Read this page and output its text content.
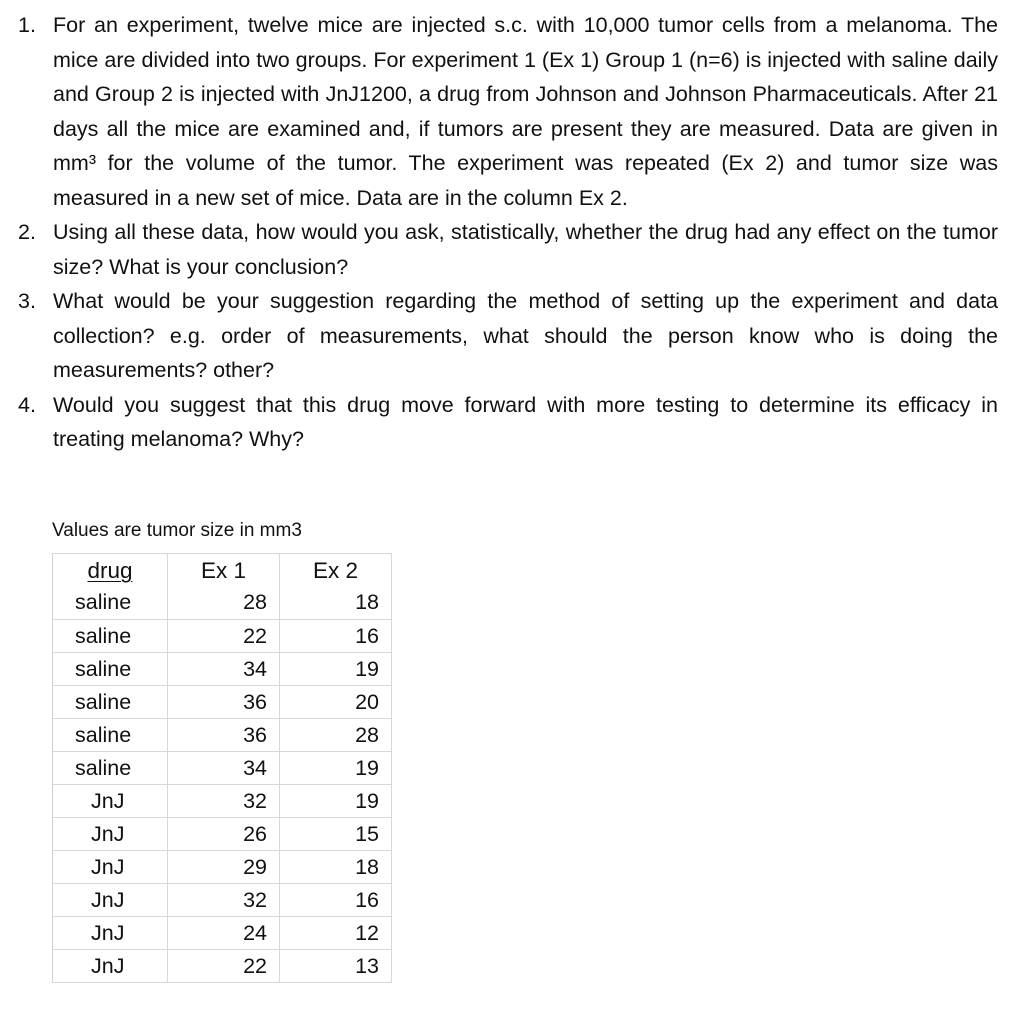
1. For an experiment, twelve mice are injected s.c. with 10,000 tumor cells from a melanoma. The mice are divided into two groups. For experiment 1 (Ex 1) Group 1 (n=6) is injected with saline daily and Group 2 is injected with JnJ1200, a drug from Johnson and Johnson Pharmaceuticals. After 21 days all the mice are examined and, if tumors are present they are measured. Data are given in mm³ for the volume of the tumor. The experiment was repeated (Ex 2) and tumor size was measured in a new set of mice. Data are in the column Ex 2.
2. Using all these data, how would you ask, statistically, whether the drug had any effect on the tumor size? What is your conclusion?
3. What would be your suggestion regarding the method of setting up the experiment and data collection? e.g. order of measurements, what should the person know who is doing the measurements? other?
4. Would you suggest that this drug move forward with more testing to determine its efficacy in treating melanoma? Why?
Values are tumor size in mm3
drug	Ex 1	Ex 2
saline	28	18
saline	22	16
saline	34	19
saline	36	20
saline	36	28
saline	34	19
JnJ	32	19
JnJ	26	15
JnJ	29	18
JnJ	32	16
JnJ	24	12
JnJ	22	13
